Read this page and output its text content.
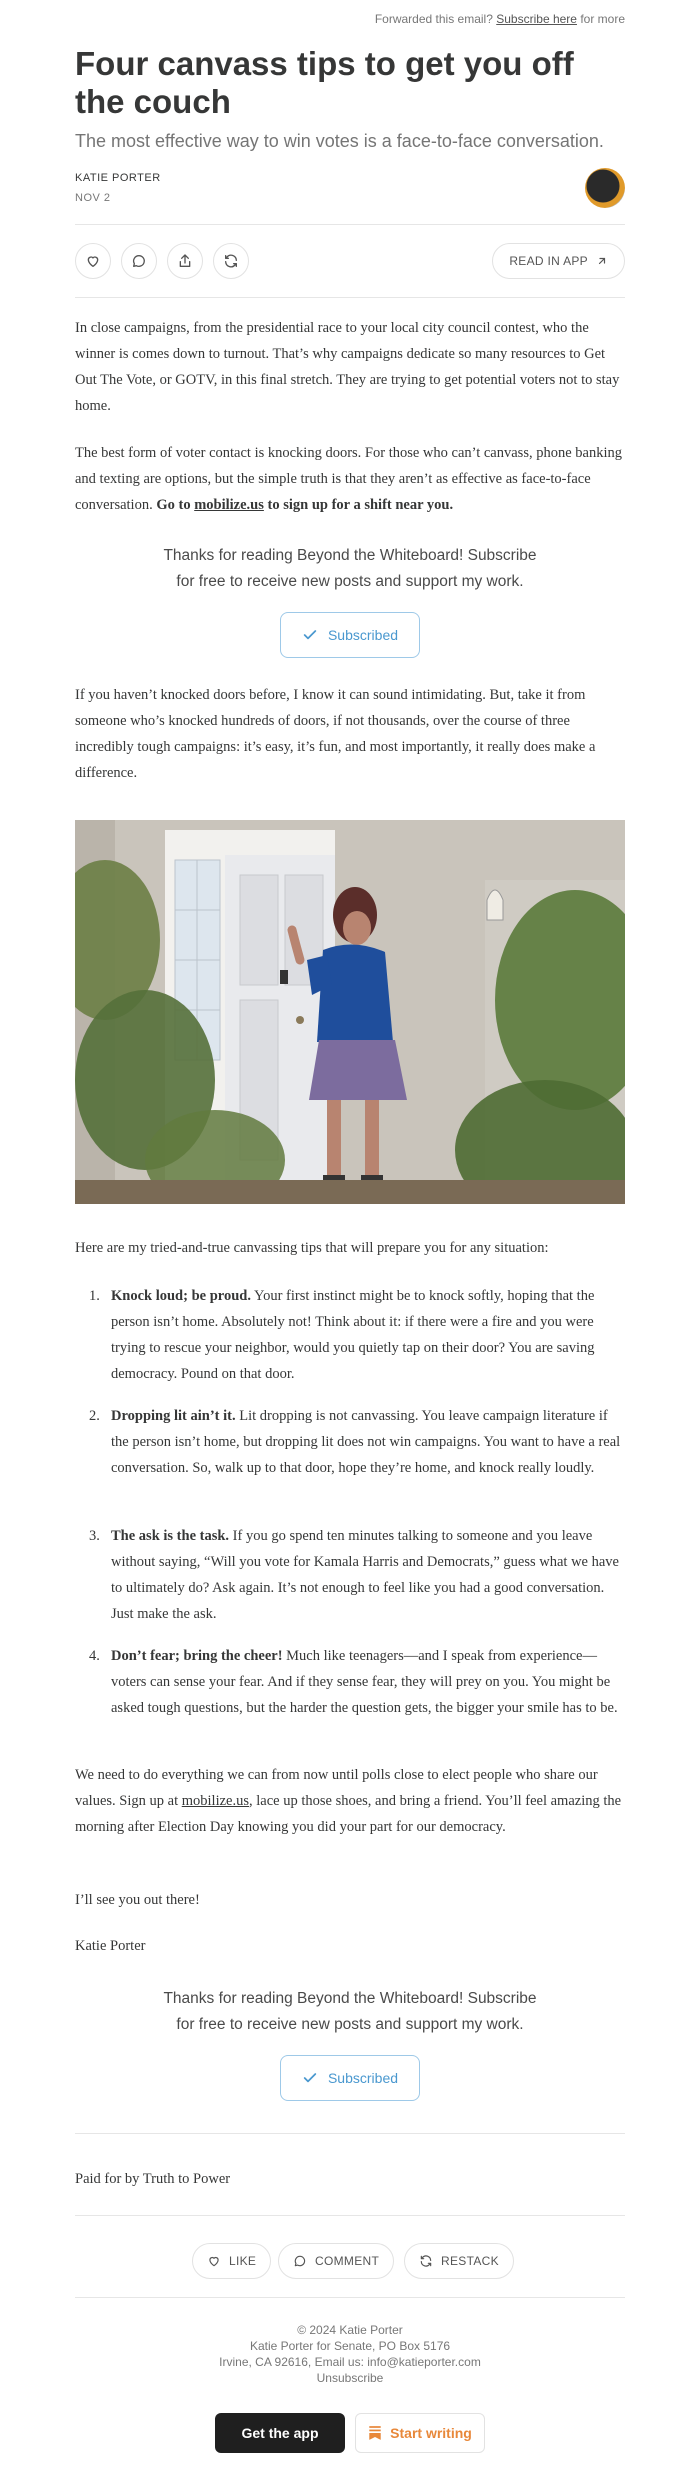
Forwarded this email? Subscribe here for more
Four canvass tips to get you off the couch
The most effective way to win votes is a face-to-face conversation.
KATIE PORTER
NOV 2
READ IN APP

In close campaigns, from the presidential race to your local city council contest, who the winner is comes down to turnout. That’s why campaigns dedicate so many resources to Get Out The Vote, or GOTV, in this final stretch. They are trying to get potential voters not to stay home.

The best form of voter contact is knocking doors. For those who can’t canvass, phone banking and texting are options, but the simple truth is that they aren’t as effective as face-to-face conversation. Go to mobilize.us to sign up for a shift near you.

Thanks for reading Beyond the Whiteboard! Subscribe
for free to receive new posts and support my work.
Subscribed

If you haven’t knocked doors before, I know it can sound intimidating. But, take it from someone who’s knocked hundreds of doors, if not thousands, over the course of three incredibly tough campaigns: it’s easy, it’s fun, and most importantly, it really does make a difference.

Here are my tried-and-true canvassing tips that will prepare you for any situation:

1. Knock loud; be proud. Your first instinct might be to knock softly, hoping that the person isn’t home. Absolutely not! Think about it: if there were a fire and you were trying to rescue your neighbor, would you quietly tap on their door? You are saving democracy. Pound on that door.
2. Dropping lit ain’t it. Lit dropping is not canvassing. You leave campaign literature if the person isn’t home, but dropping lit does not win campaigns. You want to have a real conversation. So, walk up to that door, hope they’re home, and knock really loudly.
3. The ask is the task. If you go spend ten minutes talking to someone and you leave without saying, “Will you vote for Kamala Harris and Democrats,” guess what we have to ultimately do? Ask again. It’s not enough to feel like you had a good conversation. Just make the ask.
4. Don’t fear; bring the cheer! Much like teenagers—and I speak from experience—voters can sense your fear. And if they sense fear, they will prey on you. You might be asked tough questions, but the harder the question gets, the bigger your smile has to be.

We need to do everything we can from now until polls close to elect people who share our values. Sign up at mobilize.us, lace up those shoes, and bring a friend. You’ll feel amazing the morning after Election Day knowing you did your part for our democracy.

I’ll see you out there!

Katie Porter

Thanks for reading Beyond the Whiteboard! Subscribe
for free to receive new posts and support my work.
Subscribed

Paid for by Truth to Power

LIKE	COMMENT	RESTACK
© 2024 Katie Porter
Katie Porter for Senate, PO Box 5176
Irvine, CA 92616, Email us: info@katieporter.com
Unsubscribe
Get the app	Start writing
